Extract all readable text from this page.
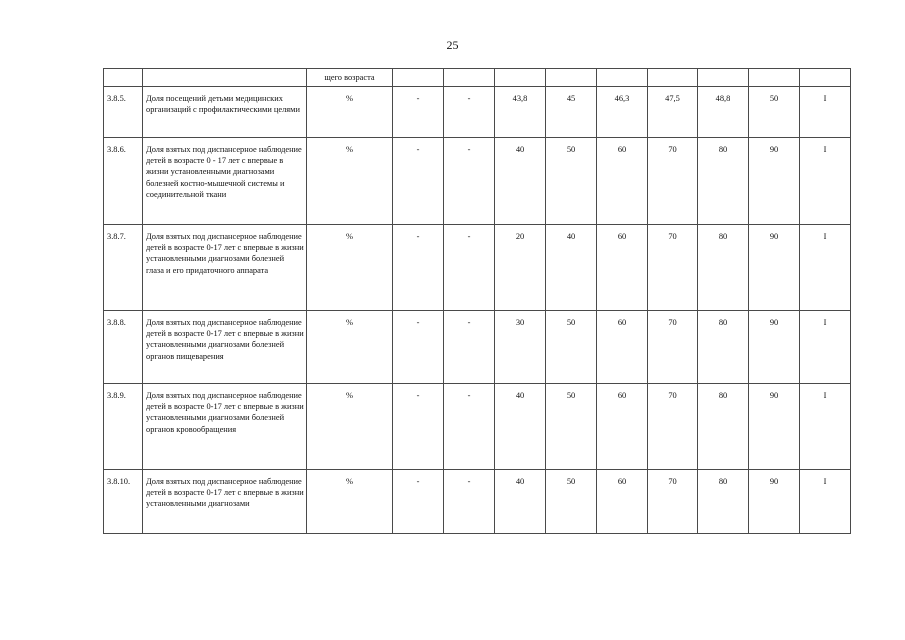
25
		щего возраста									
3.8.5.	Доля посещений детьми медицинских организаций с профилактическими целями	%	-	-	43,8	45	46,3	47,5	48,8	50	I
3.8.6.	Доля взятых под диспансерное наблюдение детей в возрасте 0 - 17 лет с впервые в жизни установленными диагнозами болезней костно-мышечной системы и соединительной ткани	%	-	-	40	50	60	70	80	90	I
3.8.7.	Доля взятых под диспансерное наблюдение детей в возрасте 0-17 лет с впервые в жизни установленными диагнозами болезней глаза и его придаточного аппарата	%	-	-	20	40	60	70	80	90	I
3.8.8.	Доля взятых под диспансерное наблюдение детей в возрасте 0-17 лет с впервые в жизни установленными диагнозами болезней органов пищеварения	%	-	-	30	50	60	70	80	90	I
3.8.9.	Доля взятых под диспансерное наблюдение детей в возрасте 0-17 лет с впервые в жизни установленными диагнозами болезней органов кровообращения	%	-	-	40	50	60	70	80	90	I
3.8.10.	Доля взятых под диспансерное наблюдение детей в возрасте 0-17 лет с впервые в жизни установленными диагнозами	%	-	-	40	50	60	70	80	90	I
